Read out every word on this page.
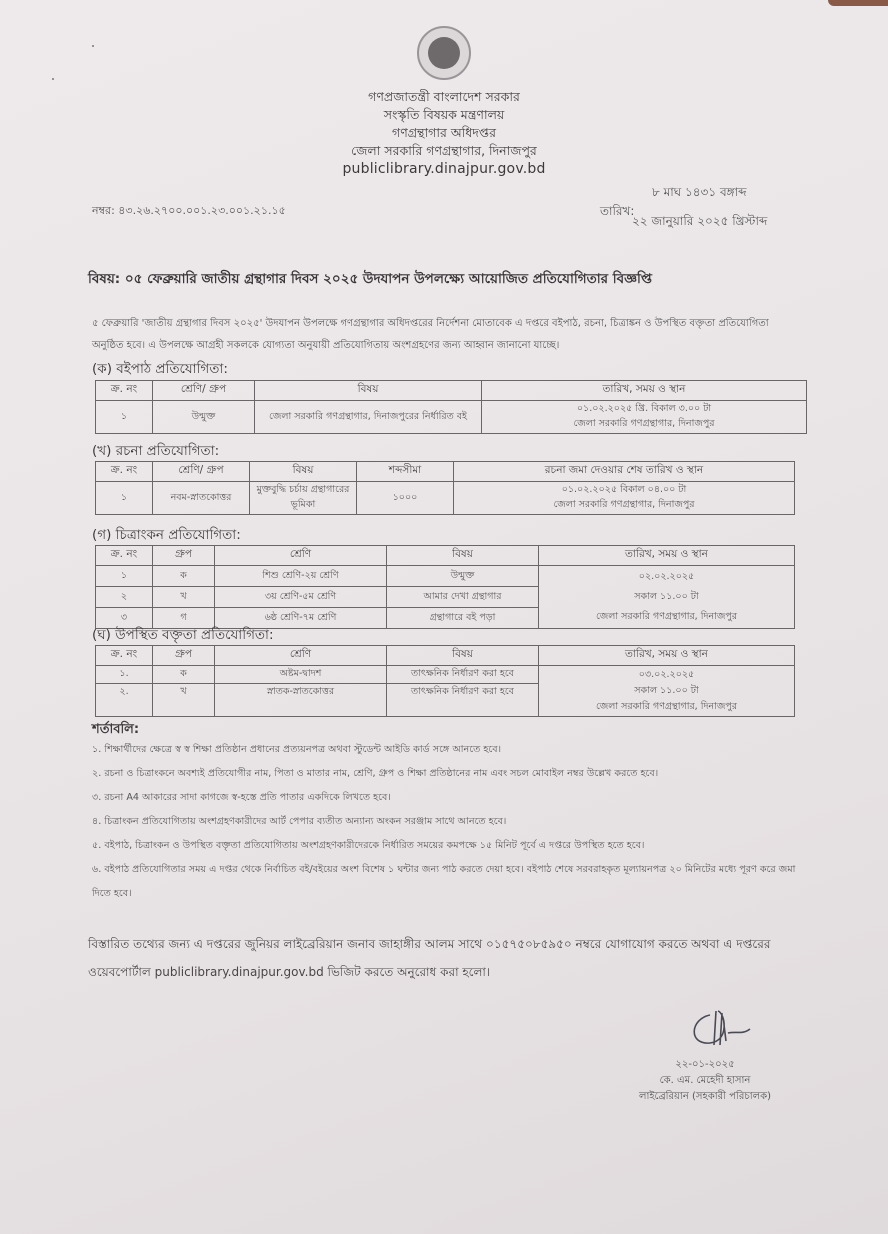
গণপ্রজাতন্ত্রী বাংলাদেশ সরকার
সংস্কৃতি বিষয়ক মন্ত্রণালয়
গণগ্রন্থাগার অধিদপ্তর
জেলা সরকারি গণগ্রন্থাগার, দিনাজপুর
publiclibrary.dinajpur.gov.bd
নম্বর: ৪৩.২৬.২৭০০.০০১.২৩.০০১.২১.১৫	তারিখ:
৮ মাঘ ১৪৩১ বঙ্গাব্দ
২২ জানুয়ারি ২০২৫ খ্রিস্টাব্দ
বিষয়: ০৫ ফেব্রুয়ারি জাতীয় গ্রন্থাগার দিবস ২০২৫ উদযাপন উপলক্ষ্যে আয়োজিত প্রতিযোগিতার বিজ্ঞপ্তি
৫ ফেব্রুয়ারি 'জাতীয় গ্রন্থাগার দিবস ২০২৫' উদযাপন উপলক্ষে গণগ্রন্থাগার অধিদপ্তরের নির্দেশনা মোতাবেক এ দপ্তরে বইপাঠ, রচনা, চিত্রাঙ্কন ও উপস্থিত বক্তৃতা প্রতিযোগিতা অনুষ্ঠিত হবে। এ উপলক্ষে আগ্রহী সকলকে যোগ্যতা অনুযায়ী প্রতিযোগিতায় অংশগ্রহণের জন্য আহ্বান জানানো যাচ্ছে।
(ক) বইপাঠ প্রতিযোগিতা:
ক্র. নং	শ্রেণি/ গ্রুপ	বিষয়	তারিখ, সময় ও স্থান
১	উন্মুক্ত	জেলা সরকারি গণগ্রন্থাগার, দিনাজপুরের নির্ধারিত বই	০১.০২.২০২৫ খ্রি. বিকাল ৩.০০ টা
জেলা সরকারি গণগ্রন্থাগার, দিনাজপুর
(খ) রচনা প্রতিযোগিতা:
ক্র. নং	শ্রেণি/ গ্রুপ	বিষয়	শব্দসীমা	রচনা জমা দেওয়ার শেষ তারিখ ও স্থান
১	নবম-স্নাতকোত্তর	মুক্তবুদ্ধি চর্চায় গ্রন্থাগারের ভূমিকা	১০০০	০১.০২.২০২৫ বিকাল ০৪.০০ টা
জেলা সরকারি গণগ্রন্থাগার, দিনাজপুর
(গ) চিত্রাংকন প্রতিযোগিতা:
ক্র. নং	গ্রুপ	শ্রেণি	বিষয়	তারিখ, সময় ও স্থান
১	ক	শিশু শ্রেণি-২য় শ্রেণি	উন্মুক্ত	০২.০২.২০২৫
সকাল ১১.০০ টা
জেলা সরকারি গণগ্রন্থাগার, দিনাজপুর

২	খ	৩য় শ্রেণি-৫ম শ্রেণি	আমার দেখা গ্রন্থাগার	
৩	গ	৬ষ্ঠ শ্রেণি-৭ম শ্রেণি	গ্রন্থাগারে বই পড়া	
(ঘ) উপস্থিত বক্তৃতা প্রতিযোগিতা:
ক্র. নং	গ্রুপ	শ্রেণি	বিষয়	তারিখ, সময় ও স্থান
১.	ক	অষ্টম-দ্বাদশ	তাৎক্ষনিক নির্ধারণ করা হবে	০৩.০২.২০২৫
সকাল ১১.০০ টা
জেলা সরকারি গণগ্রন্থাগার, দিনাজপুর

২.	খ	স্নাতক-স্নাতকোত্তর	তাৎক্ষনিক নির্ধারণ করা হবে	
শর্তাবলি:
১. শিক্ষার্থীদের ক্ষেত্রে স্ব স্ব শিক্ষা প্রতিষ্ঠান প্রধানের প্রত্যয়নপত্র অথবা স্টুডেন্ট আইডি কার্ড সঙ্গে আনতে হবে।
২. রচনা ও চিত্রাংকনে অবশ্যই প্রতিযোগীর নাম, পিতা ও মাতার নাম, শ্রেণি, গ্রুপ ও শিক্ষা প্রতিষ্ঠানের নাম এবং সচল মোবাইল নম্বর উল্লেখ করতে হবে।
৩. রচনা A4 আকারের সাদা কাগজে স্ব-হস্তে প্রতি পাতার একদিকে লিখতে হবে।
৪. চিত্রাংকন প্রতিযোগিতায় অংশগ্রহণকারীদের আর্ট পেপার ব্যতীত অন্যান্য অংকন সরঞ্জাম সাথে আনতে হবে।
৫. বইপাঠ, চিত্রাংকন ও উপস্থিত বক্তৃতা প্রতিযোগিতায় অংশগ্রহণকারীদেরকে নির্ধারিত সময়ের কমপক্ষে ১৫ মিনিট পূর্বে এ দপ্তরে উপস্থিত হতে হবে।
৬. বইপাঠ প্রতিযোগিতার সময় এ দপ্তর থেকে নির্বাচিত বই/বইয়ের অংশ বিশেষ ১ ঘন্টার জন্য পাঠ করতে দেয়া হবে। বইপাঠ শেষে সরবরাহকৃত মূল্যায়নপত্র ২০ মিনিটের মধ্যে পূরণ করে জমা দিতে হবে।
বিস্তারিত তথ্যের জন্য এ দপ্তরের জুনিয়র লাইব্রেরিয়ান জনাব জাহাঙ্গীর আলম সাথে ০১৫৭৫০৮৫৯৫০ নম্বরে যোগাযোগ করতে অথবা এ দপ্তরের ওয়েবপোর্টাল publiclibrary.dinajpur.gov.bd ভিজিট করতে অনুরোধ করা হলো।
২২-০১-২০২৫
কে. এম. মেহেদী হাসান
লাইব্রেরিয়ান (সহকারী পরিচালক)
